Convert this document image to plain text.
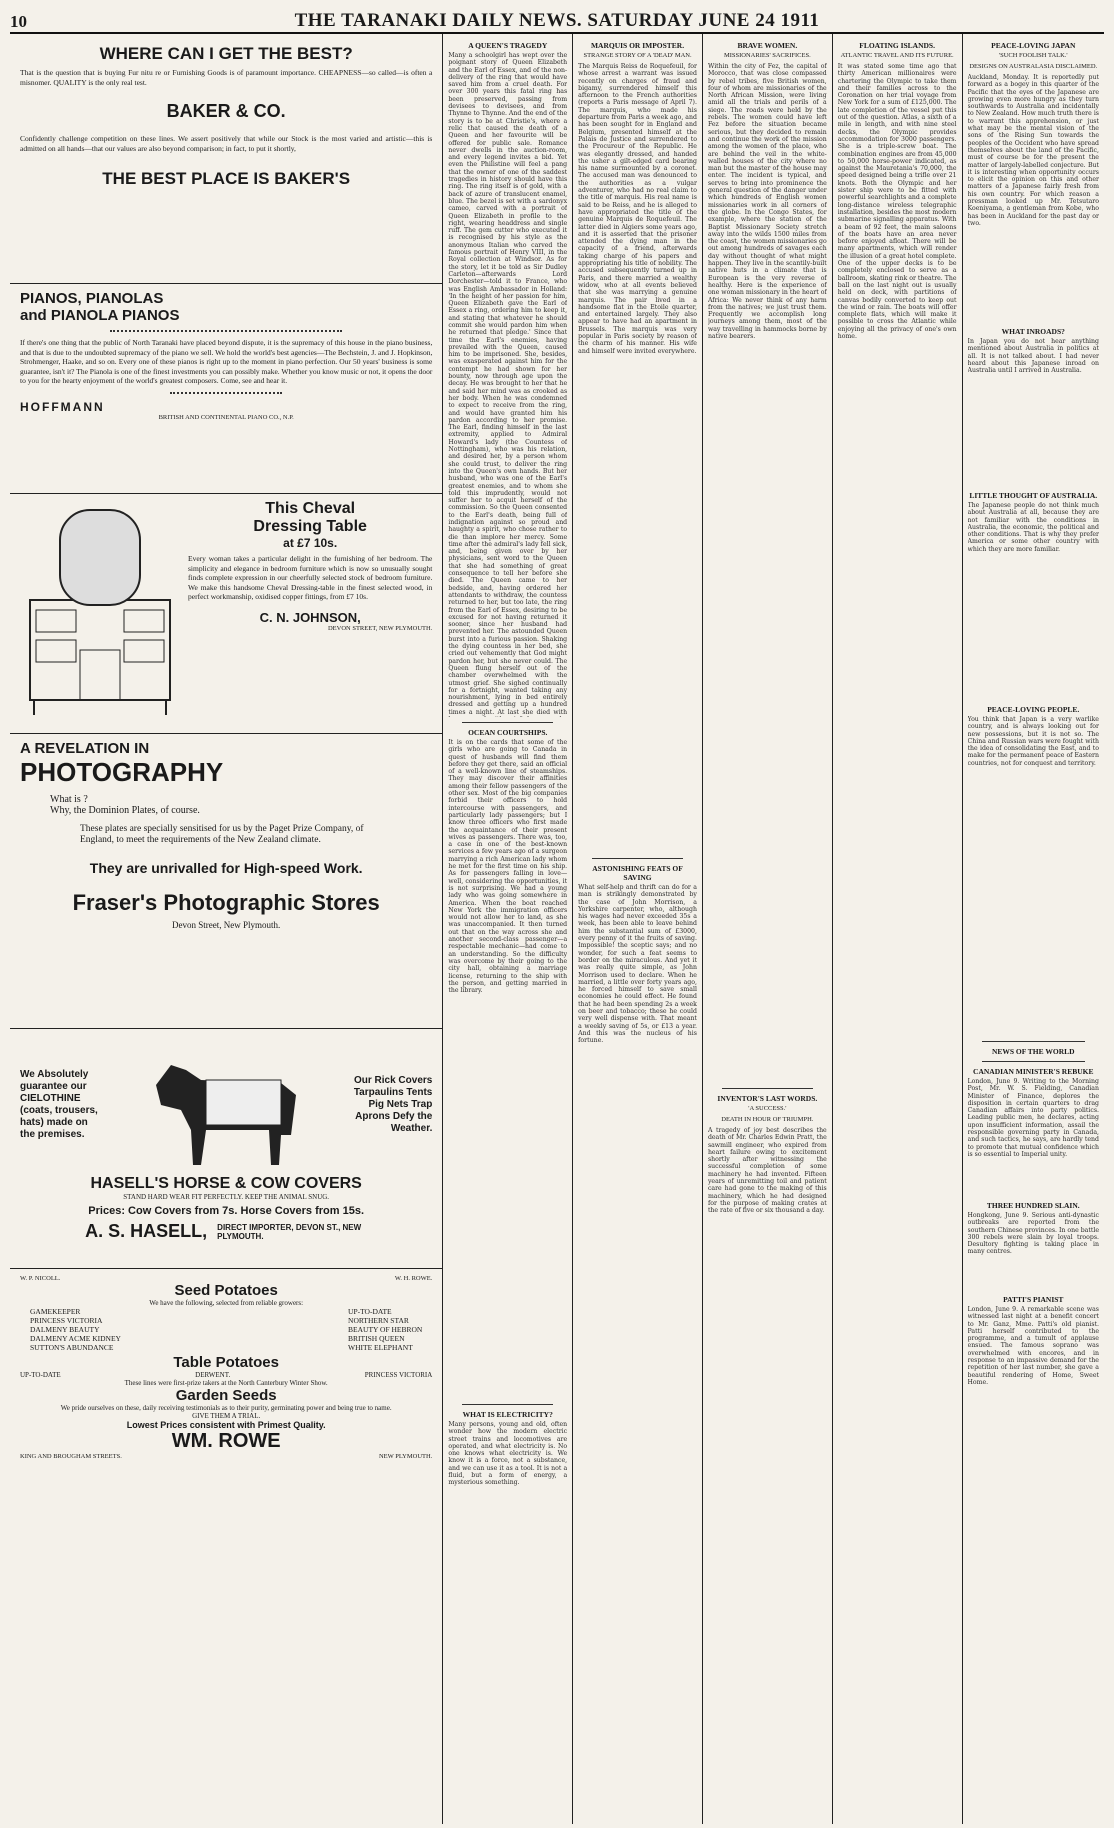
10	THE TARANAKI DAILY NEWS. SATURDAY JUNE 24 1911
WHERE CAN I GET THE BEST?

That is the question that is buying Fur nitu re or Furnishing Goods is of paramount importance. CHEAPNESS—so called—is often a misnomer. QUALITY is the only real test.

BAKER & CO.

Confidently challenge competition on these lines. We assert positively that while our Stock is the most varied and artistic—this is admitted on all hands—that our values are also beyond comparison; in fact, to put it shortly,

THE BEST PLACE IS BAKER'S
PIANOS, PIANOLAS
and PIANOLA PIANOS

If there's one thing that the public of North Taranaki have placed beyond dispute, it is the supremacy of this house in the piano business, and that is due to the undoubted supremacy of the piano we sell. We hold the world's best agencies—The Bechstein, J. and J. Hopkinson, Strohmenger, Haake, and so on. Every one of these pianos is right up to the moment in piano perfection. Our 50 years' business is some guarantee, isn't it? The Pianola is one of the finest investments you can possibly make. Whether you know music or not, it opens the door to you for the hearty enjoyment of the world's greatest composers. Come, see and hear it.

HOFFMANN
BRITISH AND CONTINENTAL PIANO CO., N.P.
This Cheval
Dressing Table
at £7 10s.

Every woman takes a particular delight in the furnishing of her bedroom. The simplicity and elegance in bedroom furniture which is now so unusually sought finds complete expression in our cheerfully selected stock of bedroom furniture. We make this handsome Cheval Dressing-table in the finest selected wood, in perfect workmanship, oxidised copper fittings, from £7 10s.

C. N. JOHNSON,
DEVON STREET, NEW PLYMOUTH.
A REVELATION IN
PHOTOGRAPHY
What is ?
Why, the Dominion Plates, of course.

These plates are specially sensitised for us by the Paget Prize Company, of England, to meet the requirements of the New Zealand climate.

They are unrivalled for High-speed Work.
Fraser's Photographic Stores
Devon Street, New Plymouth.
We Absolutely guarantee our CIELOTHINE (coats, trousers, hats) made on the premises.
Our Rick Covers Tarpaulins Tents Pig Nets Trap Aprons Defy the Weather.
HASELL'S HORSE & COW COVERS
STAND HARD WEAR FIT PERFECTLY. KEEP THE ANIMAL SNUG.
Prices: Cow Covers from 7s. Horse Covers from 15s.
A. S. HASELL, DIRECT IMPORTER, DEVON ST., NEW PLYMOUTH.
W. P. NICOLL.	W. H. ROWE.
Seed Potatoes
We have the following, selected from reliable growers:
GAMEKEEPER
PRINCESS VICTORIA
DALMENY BEAUTY
DALMENY ACME KIDNEY
SUTTON'S ABUNDANCE
UP-TO-DATE
NORTHERN STAR
BEAUTY OF HEBRON
BRITISH QUEEN
WHITE ELEPHANT
Table Potatoes
UP-TO-DATE	DERWENT.	PRINCESS VICTORIA
These lines were first-prize takers at the North Canterbury Winter Show.
Garden Seeds
We pride ourselves on these, daily receiving testimonials as to their purity, germinating power and being true to name.
GIVE THEM A TRIAL.
Lowest Prices consistent with Primest Quality.
WM. ROWE
KING AND BROUGHAM STREETS.	NEW PLYMOUTH.
A QUEEN'S TRAGEDY
Many a schoolgirl has wept over the poignant story of Queen Elizabeth and the Earl of Essex, and of the non-delivery of the ring that would have saved him from a cruel death. For over 300 years this fatal ring has been preserved, passing from devisees to devisees, and from Thynne to Thynne. And the end of the story is to be at Christie's, where a relic that caused the death of a Queen and her favourite will be offered for public sale. Romance never dwells in the auction-room, and every legend invites a bid. Yet even the Philistine will feel a pang that the owner of one of the saddest tragedies in history should have this ring. The ring itself is of gold, with a back of azure of translucent enamel, blue. The bezel is set with a sardonyx cameo, carved with a portrait of Queen Elizabeth in profile to the right, wearing headdress and single ruff. The gem cutter who executed it is recognised by his style as the anonymous Italian who carved the famous portrait of Henry VIII, in the Royal collection at Windsor. As for the story, let it be told as Sir Dudley Carleton—afterwards Lord Dorchester—told it to France, who was English Ambassador in Holland: 'In the height of her passion for him, Queen Elizabeth gave the Earl of Essex a ring, ordering him to keep it, and stating that whatever he should commit she would pardon him when he returned that pledge.' Since that time the Earl's enemies, having prevailed with the Queen, caused him to be imprisoned. She, besides, was exasperated against him for the contempt he had shown for her bounty, now through age upon the decay. He was brought to her that he and said her mind was as crooked as her body. When he was condemned to expect to receive from the ring, and would have granted him his pardon according to her promise. The Earl, finding himself in the last extremity, applied to Admiral Howard's lady (the Countess of Nottingham), who was his relation, and desired her, by a person whom she could trust, to deliver the ring into the Queen's own hands. But her husband, who was one of the Earl's greatest enemies, and to whom she told this imprudently, would not suffer her to acquit herself of the commission. So the Queen consented to the Earl's death, being full of indignation against so proud and haughty a spirit, who chose rather to die than implore her mercy. Some time after the admiral's lady fell sick, and, being given over by her physicians, sent word to the Queen that she had something of great consequence to tell her before she died. The Queen came to her bedside, and, having ordered her attendants to withdraw, the countess returned to her, but too late, the ring from the Earl of Essex, desiring to be excused for not having returned it sooner, since her husband had prevented her. The astounded Queen burst into a furious passion. Shaking the dying countess in her bed, she cried out vehemently that God might pardon her, but she never could. The Queen flung herself out of the chamber overwhelmed with the utmost grief. She sighed continually for a fortnight, wanted taking any nourishment, lying in bed entirely dressed and getting up a hundred times a night. At last she died with
OCEAN COURTSHIPS.
It is on the cards that some of the girls who are going to Canada in quest of husbands will find them before they get there, said an official of a well-known line of steamships. They may discover their affinities among their fellow passengers of the other sex. Most of the big companies forbid their officers to hold intercourse with passengers, and particularly lady passengers; but I know three officers who first made the acquaintance of their present wives as passengers. There was, too, a case in one of the best-known services a few years ago of a surgeon marrying a rich American lady whom he met for the first time on his ship. As for passengers falling in love—well, considering the opportunities, it is not surprising. We had a young lady who was going somewhere in America. When the boat reached New York the immigration officers would not allow her to land, as she was unaccompanied. It then turned out that on the way across she and another second-class passenger—a respectable mechanic—had come to an understanding. So the difficulty was overcome by their going to the city hall, obtaining a marriage license, returning to the ship with the person, and getting married in the library.
WHAT IS ELECTRICITY?
Many persons, young and old, often wonder how the modern electric street trains and locomotives are operated, and what electricity is. No one knows what electricity is. We know it is a force, not a substance, and we can use it as a tool. It is not a fluid, but a form of energy, a mysterious something.
MARQUIS OR IMPOSTER.
STRANGE STORY OF A 'DEAD' MAN.
The Marquis Reiss de Roquefeuil, for whose arrest a warrant was issued recently on charges of fraud and bigamy, surrendered himself this afternoon to the French authorities (reports a Paris message of April 7). The marquis, who made his departure from Paris a week ago, and has been sought for in England and Belgium, presented himself at the Palais de Justice and surrendered to the Procureur of the Republic. He was elegantly dressed, and handed the usher a gilt-edged card bearing his name surmounted by a coronet. The accused man was denounced to the authorities as a vulgar adventurer, who had no real claim to the title of marquis. His real name is said to be Reiss, and he is alleged to have appropriated the title of the genuine Marquis de Roquefeuil. The latter died in Algiers some years ago, and it is asserted that the prisoner attended the dying man in the capacity of a friend, afterwards taking charge of his papers and appropriating his title of nobility. The accused subsequently turned up in Paris, and there married a wealthy widow, who at all events believed that she was marrying a genuine marquis. The pair lived in a handsome flat in the Etoile quarter, and entertained largely. They also appear to have had an apartment in Brussels. The marquis was very popular in Paris society by reason of the charm of his manner. His wife and himself were invited everywhere.
ASTONISHING FEATS OF SAVING
What self-help and thrift can do for a man is strikingly demonstrated by the case of John Morrison, a Yorkshire carpenter, who, although his wages had never exceeded 35s a week, has been able to leave behind him the substantial sum of £3000, every penny of it the fruits of saving. Impossible! the sceptic says; and no wonder, for such a feat seems to border on the miraculous. And yet it was really quite simple, as John Morrison used to declare. When he married, a little over forty years ago, he forced himself to save small economies he could effect. He found that he had been spending 2s a week on beer and tobacco; these he could very well dispense with. That meant a weekly saving of 5s, or £13 a year. And this was the nucleus of his fortune.
BRAVE WOMEN.
MISSIONARIES' SACRIFICES.
Within the city of Fez, the capital of Morocco, that was close compassed by rebel tribes, five British women, four of whom are missionaries of the North African Mission, were living amid all the trials and perils of a siege. The roads were held by the rebels. The women could have left Fez before the situation became serious, but they decided to remain and continue the work of the mission among the women of the place, who are behind the veil in the white-walled houses of the city where no man but the master of the house may enter. The incident is typical, and serves to bring into prominence the general question of the danger under which hundreds of English women missionaries work in all corners of the globe. In the Congo States, for example, where the station of the Baptist Missionary Society stretch away into the wilds 1500 miles from the coast, the women missionaries go out among hundreds of savages each day without thought of what might happen. They live in the scantily-built native huts in a climate that is European is the very reverse of healthy. Here is the experience of one woman missionary in the heart of Africa: We never think of any harm from the natives; we just trust them. Frequently we accomplish long journeys among them, most of the way travelling in hammocks borne by native bearers.
INVENTOR'S LAST WORDS.
'A SUCCESS.'
DEATH IN HOUR OF TRIUMPH.
A tragedy of joy best describes the death of Mr. Charles Edwin Pratt, the sawmill engineer, who expired from heart failure owing to excitement shortly after witnessing the successful completion of some machinery he had invented. Fifteen years of unremitting toil and patient care had gone to the making of this machinery, which he had designed for the purpose of making crates at the rate of five or six thousand a day.
FLOATING ISLANDS.
ATLANTIC TRAVEL AND ITS FUTURE.
It was stated some time ago that thirty American millionaires were chartering the Olympic to take them and their families across to the Coronation on her trial voyage from New York for a sum of £125,000. The late completion of the vessel put this out of the question. Atlas, a sixth of a mile in length, and with nine steel decks, the Olympic provides accommodation for 3000 passengers. She is a triple-screw boat. The combination engines are from 45,000 to 50,000 horse-power indicated, as against the Mauretania's 70,000, the speed designed being a trifle over 21 knots. Both the Olympic and her sister ship were to be fitted with powerful searchlights and a complete long-distance wireless telegraphic installation, besides the most modern submarine signalling apparatus. With a beam of 92 feet, the main saloons of the boats have an area never before enjoyed afloat. There will be many apartments, which will render the illusion of a great hotel complete. One of the upper decks is to be completely enclosed to serve as a ballroom, skating rink or theatre. The ball on the last night out is usually held on deck, with partitions of canvas bodily converted to keep out the wind or rain. The boats will offer complete flats, which will make it possible to cross the Atlantic while enjoying all the privacy of one's own home.
PEACE-LOVING JAPAN
'SUCH FOOLISH TALK.'
DESIGNS ON AUSTRALASIA DISCLAIMED.
Auckland, Monday. It is reportedly put forward as a bogey in this quarter of the Pacific that the eyes of the Japanese are growing even more hungry as they turn southwards to Australia and incidentally to New Zealand. How much truth there is to warrant this apprehension, or just what may be the mental vision of the sons of the Rising Sun towards the peoples of the Occident who have spread themselves about the land of the Pacific, must of course be for the present the matter of largely-labelled conjecture. But it is interesting when opportunity occurs to elicit the opinion on this and other matters of a Japanese fairly fresh from his own country. For which reason a pressman looked up Mr. Tetsutaro Koeniyama, a gentleman from Kobe, who has been in Auckland for the past day or two.
WHAT INROADS?
In Japan you do not hear anything mentioned about Australia in politics at all. It is not talked about. I had never heard about this Japanese inroad on Australia until I arrived in Australia.
LITTLE THOUGHT OF AUSTRALIA.
The Japanese people do not think much about Australia at all, because they are not familiar with the conditions in Australia, the economic, the political and other conditions. That is why they prefer America or some other country with which they are more familiar.
PEACE-LOVING PEOPLE.
You think that Japan is a very warlike country, and is always looking out for new possessions, but it is not so. The China and Russian wars were fought with the idea of consolidating the East, and to make for the permanent peace of Eastern countries, not for conquest and territory.
NEWS OF THE WORLD
CANADIAN MINISTER'S REBUKE
London, June 9. Writing to the Morning Post, Mr. W. S. Fielding, Canadian Minister of Finance, deplores the disposition in certain quarters to drag Canadian affairs into party politics. Leading public men, he declares, acting upon insufficient information, assail the responsible governing party in Canada, and such tactics, he says, are hardly tend to promote that mutual confidence which is so essential to Imperial unity.
THREE HUNDRED SLAIN.
Hongkong, June 9. Serious anti-dynastic outbreaks are reported from the southern Chinese provinces. In one battle 300 rebels were slain by loyal troops. Desultory fighting is taking place in many centres.
PATTI'S PIANIST
London, June 9. A remarkable scene was witnessed last night at a benefit concert to Mr. Ganz, Mme. Patti's old pianist. Patti herself contributed to the programme, and a tumult of applause ensued. The famous soprano was overwhelmed with encores, and in response to an impassive demand for the repetition of her last number, she gave a beautiful rendering of Home, Sweet Home.
